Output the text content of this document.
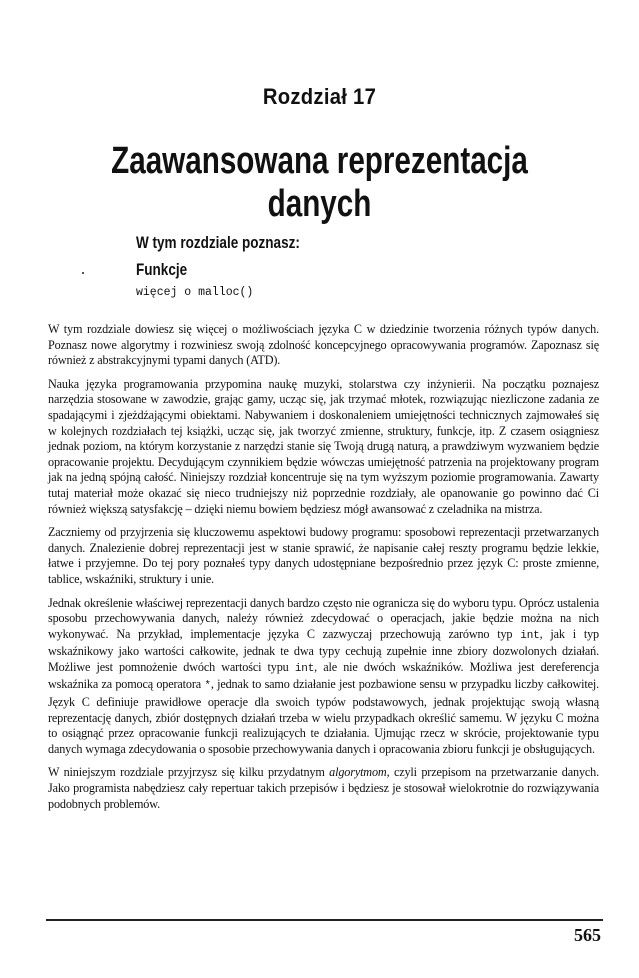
Rozdział 17
Zaawansowana reprezentacja danych
W tym rozdziale poznasz:
Funkcje
więcej o malloc()

W tym rozdziale dowiesz się więcej o możliwościach języka C w dziedzinie tworzenia różnych typów danych. Poznasz nowe algorytmy i rozwiniesz swoją zdolność koncepcyjnego opracowywania programów. Zapoznasz się również z abstrakcyjnymi typami danych (ATD).

Nauka języka programowania przypomina naukę muzyki, stolarstwa czy inżynierii. Na początku poznajesz narzędzia stosowane w zawodzie, grając gamy, ucząc się, jak trzymać młotek, rozwiązując niezliczone zadania ze spadającymi i zjeżdżającymi obiektami. Nabywaniem i doskonaleniem umiejętności technicznych zajmowałeś się w kolejnych rozdziałach tej książki, ucząc się, jak tworzyć zmienne, struktury, funkcje, itp. Z czasem osiągniesz jednak poziom, na którym korzystanie z narzędzi stanie się Twoją drugą naturą, a prawdziwym wyzwaniem będzie opracowanie projektu. Decydującym czynnikiem będzie wówczas umiejętność patrzenia na projektowany program jak na jedną spójną całość. Niniejszy rozdział koncentruje się na tym wyższym poziomie programowania. Zawarty tutaj materiał może okazać się nieco trudniejszy niż poprzednie rozdziały, ale opanowanie go powinno dać Ci również większą satysfakcję – dzięki niemu bowiem będziesz mógł awansować z czeladnika na mistrza.

Zaczniemy od przyjrzenia się kluczowemu aspektowi budowy programu: sposobowi reprezentacji przetwarzanych danych. Znalezienie dobrej reprezentacji jest w stanie sprawić, że napisanie całej reszty programu będzie lekkie, łatwe i przyjemne. Do tej pory poznałeś typy danych udostępniane bezpośrednio przez język C: proste zmienne, tablice, wskaźniki, struktury i unie.

Jednak określenie właściwej reprezentacji danych bardzo często nie ogranicza się do wyboru typu. Oprócz ustalenia sposobu przechowywania danych, należy również zdecydować o operacjach, jakie będzie można na nich wykonywać. Na przykład, implementacje języka C zazwyczaj przechowują zarówno typ int, jak i typ wskaźnikowy jako wartości całkowite, jednak te dwa typy cechują zupełnie inne zbiory dozwolonych działań. Możliwe jest pomnożenie dwóch wartości typu int, ale nie dwóch wskaźników. Możliwa jest dereferencja wskaźnika za pomocą operatora *, jednak to samo działanie jest pozbawione sensu w przypadku liczby całkowitej. Język C definiuje prawidłowe operacje dla swoich typów podstawowych, jednak projektując swoją własną reprezentację danych, zbiór dostępnych działań trzeba w wielu przypadkach określić samemu. W języku C można to osiągnąć przez opracowanie funkcji realizujących te działania. Ujmując rzecz w skrócie, projektowanie typu danych wymaga zdecydowania o sposobie przechowywania danych i opracowania zbioru funkcji je obsługujących.

W niniejszym rozdziale przyjrzysz się kilku przydatnym algorytmom, czyli przepisom na przetwarzanie danych. Jako programista nabędziesz cały repertuar takich przepisów i będziesz je stosował wielokrotnie do rozwiązywania podobnych problemów.

565
